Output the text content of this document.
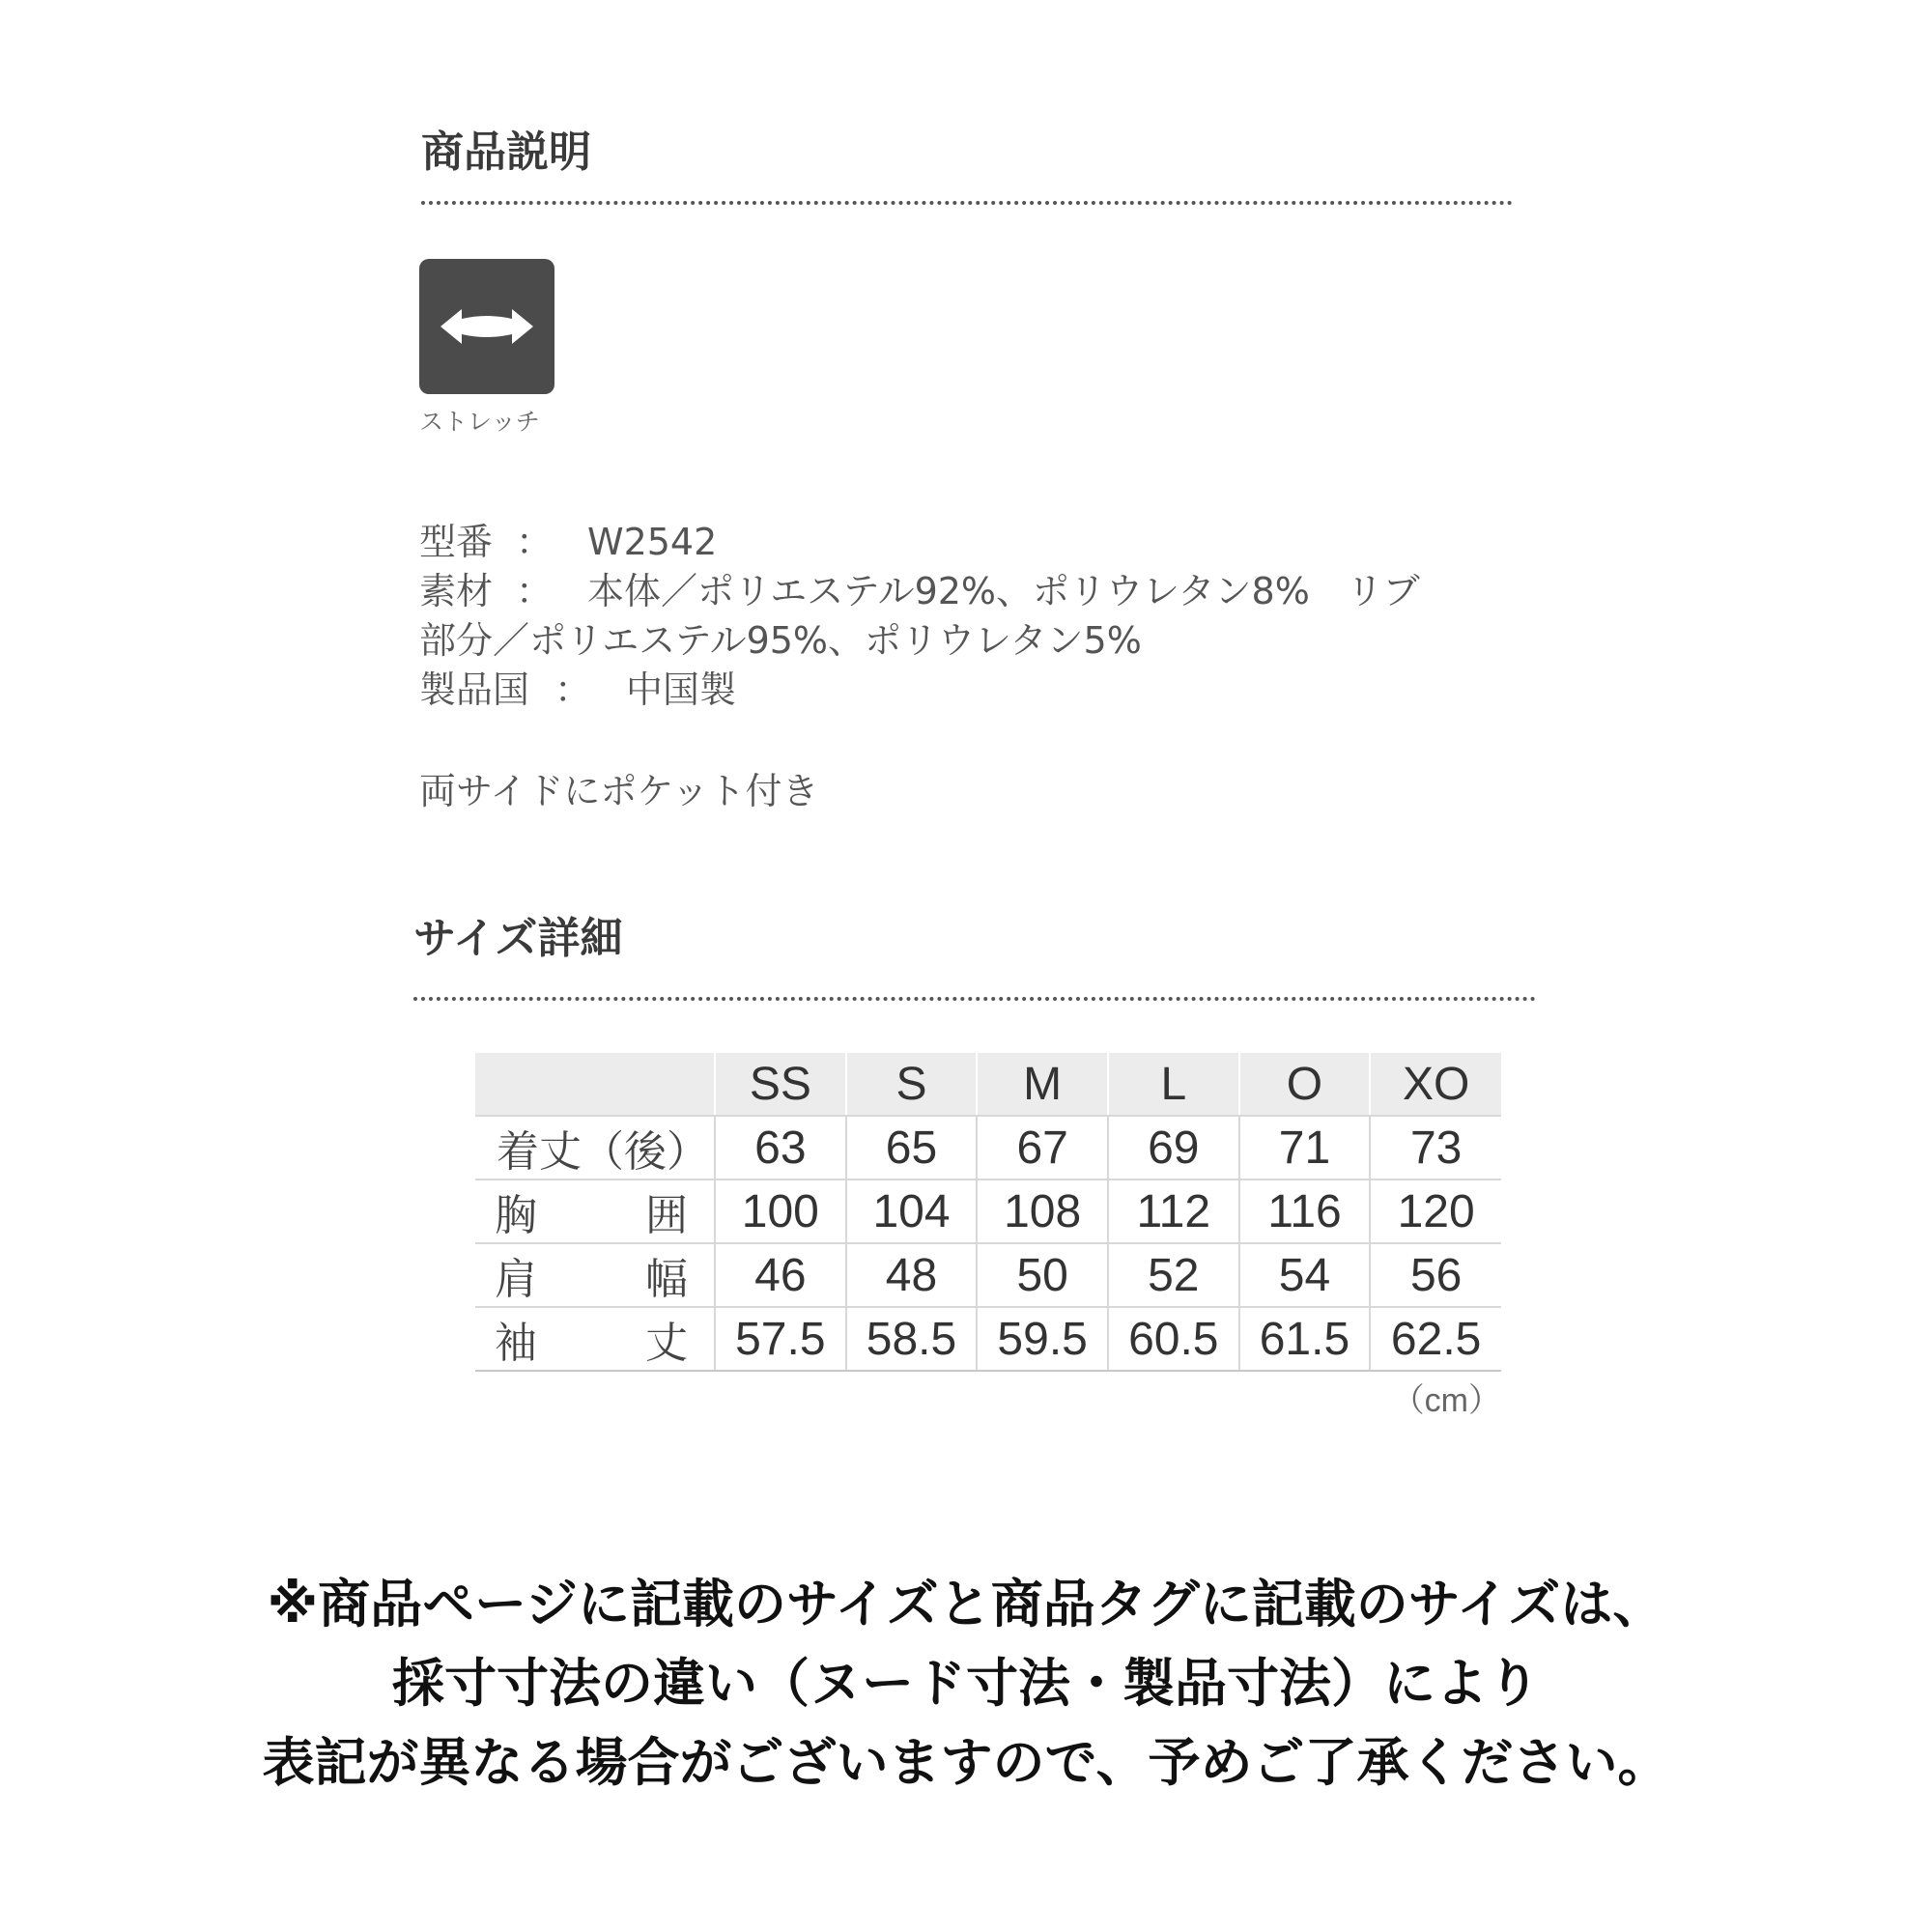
商品説明
ストレッチ
型番 ： W2542
素材 ： 本体／ポリエステル92%、ポリウレタン8%　リブ
部分／ポリエステル95%、ポリウレタン5%
製品国 ： 中国製
両サイドにポケット付き
サイズ詳細
	SS	S	M	L	O	XO
着丈（後）	63	65	67	69	71	73

胸 囲	100	104	108	112	116	120

肩 幅	46	48	50	52	54	56

袖 丈	57.5	58.5	59.5	60.5	61.5	62.5
（cm）
※商品ページに記載のサイズと商品タグに記載のサイズは、
採寸寸法の違い（ヌード寸法・製品寸法）により
表記が異なる場合がございますので、予めご了承ください。
